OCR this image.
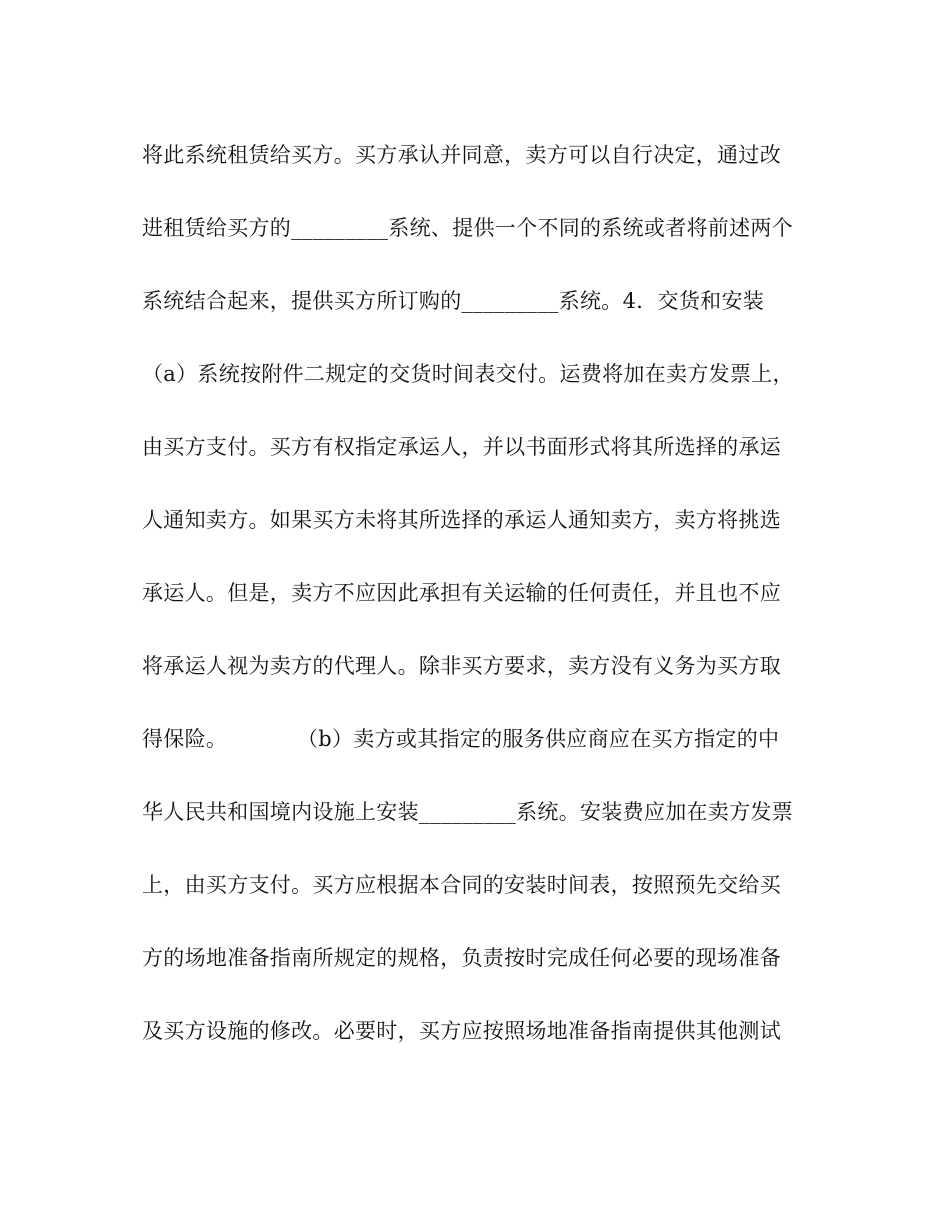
将此系统租赁给买方。买方承认并同意，卖方可以自行决定，通过改
进租赁给买方的_________系统、提供一个不同的系统或者将前述两个
系统结合起来，提供买方所订购的_________系统。4．交货和安装
（a）系统按附件二规定的交货时间表交付。运费将加在卖方发票上，
由买方支付。买方有权指定承运人，并以书面形式将其所选择的承运
人通知卖方。如果买方未将其所选择的承运人通知卖方，卖方将挑选
承运人。但是，卖方不应因此承担有关运输的任何责任，并且也不应
将承运人视为卖方的代理人。除非买方要求，卖方没有义务为买方取
得保险。          （b）卖方或其指定的服务供应商应在买方指定的中
华人民共和国境内设施上安装_________系统。安装费应加在卖方发票
上，由买方支付。买方应根据本合同的安装时间表，按照预先交给买
方的场地准备指南所规定的规格，负责按时完成任何必要的现场准备
及买方设施的修改。必要时，买方应按照场地准备指南提供其他测试
